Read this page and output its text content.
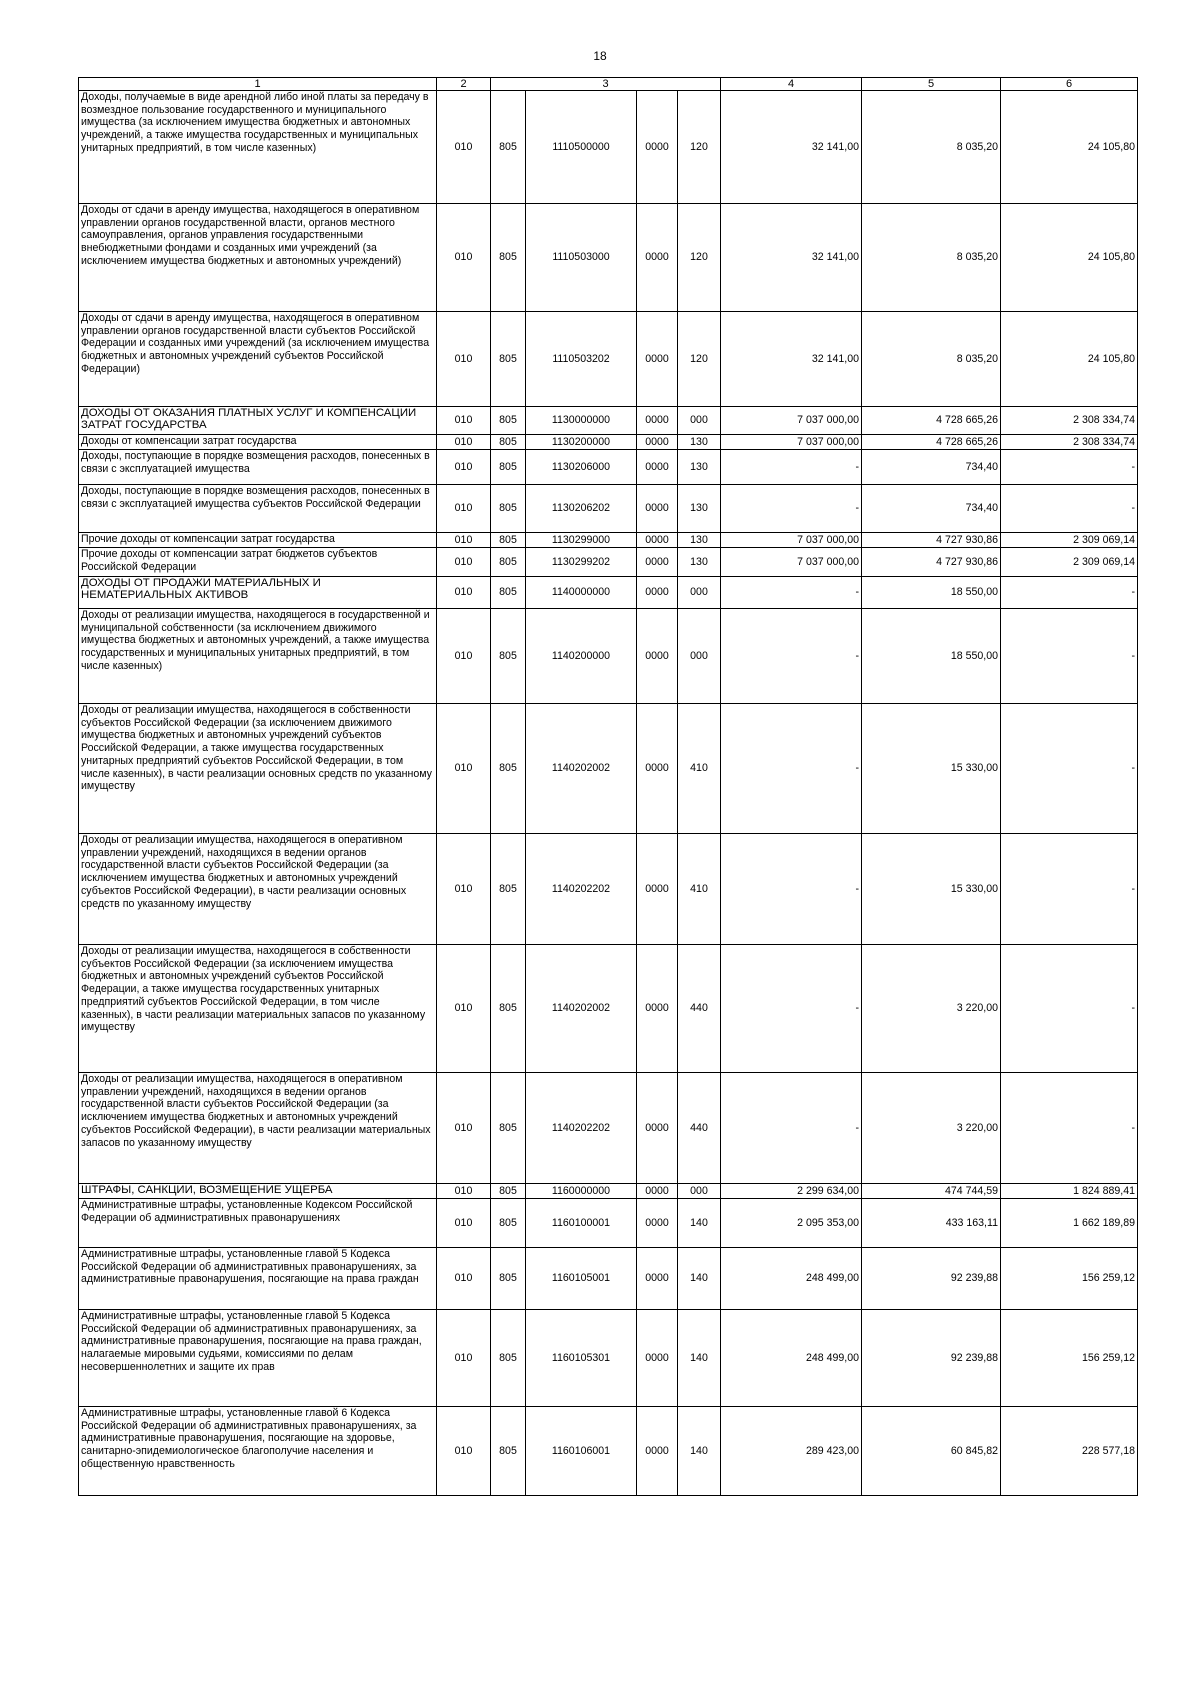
18
1	2	3				4	5	6
Доходы, получаемые в виде арендной либо иной платы за передачу в возмездное пользование государственного и муниципального имущества (за исключением имущества бюджетных и автономных учреждений, а также имущества государственных и муниципальных унитарных предприятий, в том числе казенных)	010	805	1110500000	0000	120	32 141,00	8 035,20	24 105,80
Доходы от сдачи в аренду имущества, находящегося в оперативном управлении органов государственной власти, органов местного самоуправления, органов управления государственными внебюджетными фондами и созданных ими учреждений (за исключением имущества бюджетных и автономных учреждений)	010	805	1110503000	0000	120	32 141,00	8 035,20	24 105,80
Доходы от сдачи в аренду имущества, находящегося в оперативном управлении органов государственной власти субъектов Российской Федерации и созданных ими учреждений (за исключением имущества бюджетных и автономных учреждений субъектов Российской Федерации)	010	805	1110503202	0000	120	32 141,00	8 035,20	24 105,80
ДОХОДЫ ОТ ОКАЗАНИЯ ПЛАТНЫХ УСЛУГ И КОМПЕНСАЦИИ ЗАТРАТ ГОСУДАРСТВА	010	805	1130000000	0000	000	7 037 000,00	4 728 665,26	2 308 334,74
Доходы от компенсации затрат государства	010	805	1130200000	0000	130	7 037 000,00	4 728 665,26	2 308 334,74
Доходы, поступающие в порядке возмещения расходов, понесенных в связи с эксплуатацией имущества	010	805	1130206000	0000	130	-	734,40	-
Доходы, поступающие в порядке возмещения расходов, понесенных в связи с эксплуатацией имущества субъектов Российской Федерации	010	805	1130206202	0000	130	-	734,40	-
Прочие доходы от компенсации затрат государства	010	805	1130299000	0000	130	7 037 000,00	4 727 930,86	2 309 069,14
Прочие доходы от компенсации затрат бюджетов субъектов Российской Федерации	010	805	1130299202	0000	130	7 037 000,00	4 727 930,86	2 309 069,14
ДОХОДЫ ОТ ПРОДАЖИ МАТЕРИАЛЬНЫХ И НЕМАТЕРИАЛЬНЫХ АКТИВОВ	010	805	1140000000	0000	000	-	18 550,00	-
Доходы от реализации имущества, находящегося в государственной и муниципальной собственности (за исключением движимого имущества бюджетных и автономных учреждений, а также имущества государственных и муниципальных унитарных предприятий, в том числе казенных)	010	805	1140200000	0000	000	-	18 550,00	-
Доходы от реализации имущества, находящегося в собственности субъектов Российской Федерации (за исключением движимого имущества бюджетных и автономных учреждений субъектов Российской Федерации, а также имущества государственных унитарных предприятий субъектов Российской Федерации, в том числе казенных), в части реализации основных средств по указанному имуществу	010	805	1140202002	0000	410	-	15 330,00	-
Доходы от реализации имущества, находящегося в оперативном управлении учреждений, находящихся в ведении органов государственной власти субъектов Российской Федерации (за исключением имущества бюджетных и автономных учреждений субъектов Российской Федерации), в части реализации основных средств по указанному имуществу	010	805	1140202202	0000	410	-	15 330,00	-
Доходы от реализации имущества, находящегося в собственности субъектов Российской Федерации (за исключением имущества бюджетных и автономных учреждений субъектов Российской Федерации, а также имущества государственных унитарных предприятий субъектов Российской Федерации, в том числе казенных), в части реализации материальных запасов по указанному имуществу	010	805	1140202002	0000	440	-	3 220,00	-
Доходы от реализации имущества, находящегося в оперативном управлении учреждений, находящихся в ведении органов государственной власти субъектов Российской Федерации (за исключением имущества бюджетных и автономных учреждений субъектов Российской Федерации), в части реализации материальных запасов по указанному имуществу	010	805	1140202202	0000	440	-	3 220,00	-
ШТРАФЫ, САНКЦИИ, ВОЗМЕЩЕНИЕ УЩЕРБА	010	805	1160000000	0000	000	2 299 634,00	474 744,59	1 824 889,41
Административные штрафы, установленные Кодексом Российской Федерации об административных правонарушениях	010	805	1160100001	0000	140	2 095 353,00	433 163,11	1 662 189,89
Административные штрафы, установленные главой 5 Кодекса Российской Федерации об административных правонарушениях, за административные правонарушения, посягающие на права граждан	010	805	1160105001	0000	140	248 499,00	92 239,88	156 259,12
Административные штрафы, установленные главой 5 Кодекса Российской Федерации об административных правонарушениях, за административные правонарушения, посягающие на права граждан, налагаемые мировыми судьями, комиссиями по делам несовершеннолетних и защите их прав	010	805	1160105301	0000	140	248 499,00	92 239,88	156 259,12
Административные штрафы, установленные главой 6 Кодекса Российской Федерации об административных правонарушениях, за административные правонарушения, посягающие на здоровье, санитарно-эпидемиологическое благополучие населения и общественную нравственность	010	805	1160106001	0000	140	289 423,00	60 845,82	228 577,18
